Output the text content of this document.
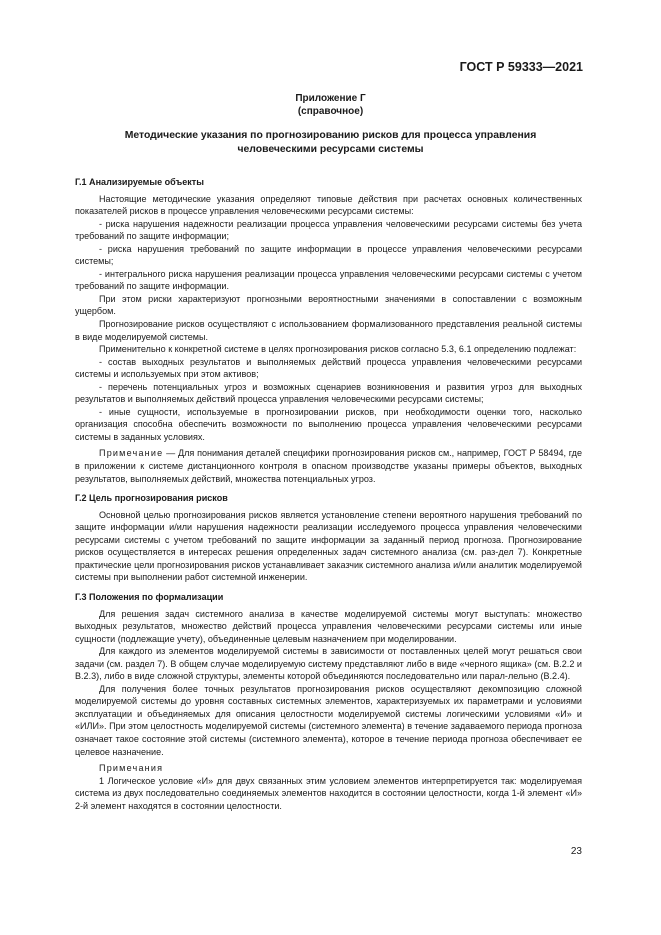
ГОСТ Р 59333—2021
Приложение Г
(справочное)
Методические указания по прогнозированию рисков для процесса управления
человеческими ресурсами системы
Г.1 Анализируемые объекты

Настоящие методические указания определяют типовые действия при расчетах основных количественных показателей рисков в процессе управления человеческими ресурсами системы:

- риска нарушения надежности реализации процесса управления человеческими ресурсами системы без учета требований по защите информации;

- риска нарушения требований по защите информации в процессе управления человеческими ресурсами системы;

- интегрального риска нарушения реализации процесса управления человеческими ресурсами системы с учетом требований по защите информации.

При этом риски характеризуют прогнозными вероятностными значениями в сопоставлении с возможным ущербом.

Прогнозирование рисков осуществляют с использованием формализованного представления реальной системы в виде моделируемой системы.

Применительно к конкретной системе в целях прогнозирования рисков согласно 5.3, 6.1 определению подлежат:

- состав выходных результатов и выполняемых действий процесса управления человеческими ресурсами системы и используемых при этом активов;

- перечень потенциальных угроз и возможных сценариев возникновения и развития угроз для выходных результатов и выполняемых действий процесса управления человеческими ресурсами системы;

- иные сущности, используемые в прогнозировании рисков, при необходимости оценки того, насколько организация способна обеспечить возможности по выполнению процесса управления человеческими ресурсами системы в заданных условиях.

Примечание — Для понимания деталей специфики прогнозирования рисков см., например, ГОСТ Р 58494, где в приложении к системе дистанционного контроля в опасном производстве указаны примеры объектов, выходных результатов, выполняемых действий, множества потенциальных угроз.

Г.2 Цель прогнозирования рисков

Основной целью прогнозирования рисков является установление степени вероятного нарушения требований по защите информации и/или нарушения надежности реализации исследуемого процесса управления человеческими ресурсами системы с учетом требований по защите информации за заданный период прогноза. Прогнозирование рисков осуществляется в интересах решения определенных задач системного анализа (см. раз-дел 7). Конкретные практические цели прогнозирования рисков устанавливает заказчик системного анализа и/или аналитик моделируемой системы при выполнении работ системной инженерии.

Г.3 Положения по формализации

Для решения задач системного анализа в качестве моделируемой системы могут выступать: множество выходных результатов, множество действий процесса управления человеческими ресурсами системы или иные сущности (подлежащие учету), объединенные целевым назначением при моделировании.

Для каждого из элементов моделируемой системы в зависимости от поставленных целей могут решаться свои задачи (см. раздел 7). В общем случае моделируемую систему представляют либо в виде «черного ящика» (см. В.2.2 и В.2.3), либо в виде сложной структуры, элементы которой объединяются последовательно или парал-лельно (В.2.4).

Для получения более точных результатов прогнозирования рисков осуществляют декомпозицию сложной моделируемой системы до уровня составных системных элементов, характеризуемых их параметрами и условиями эксплуатации и объединяемых для описания целостности моделируемой системы логическими условиями «И» и «ИЛИ». При этом целостность моделируемой системы (системного элемента) в течение задаваемого периода прогноза означает такое состояние этой системы (системного элемента), которое в течение периода прогноза обеспечивает ее целевое назначение.

Примечания

1 Логическое условие «И» для двух связанных этим условием элементов интерпретируется так: моделируемая система из двух последовательно соединяемых элементов находится в состоянии целостности, когда 1-й элемент «И» 2-й элемент находятся в состоянии целостности.

23
